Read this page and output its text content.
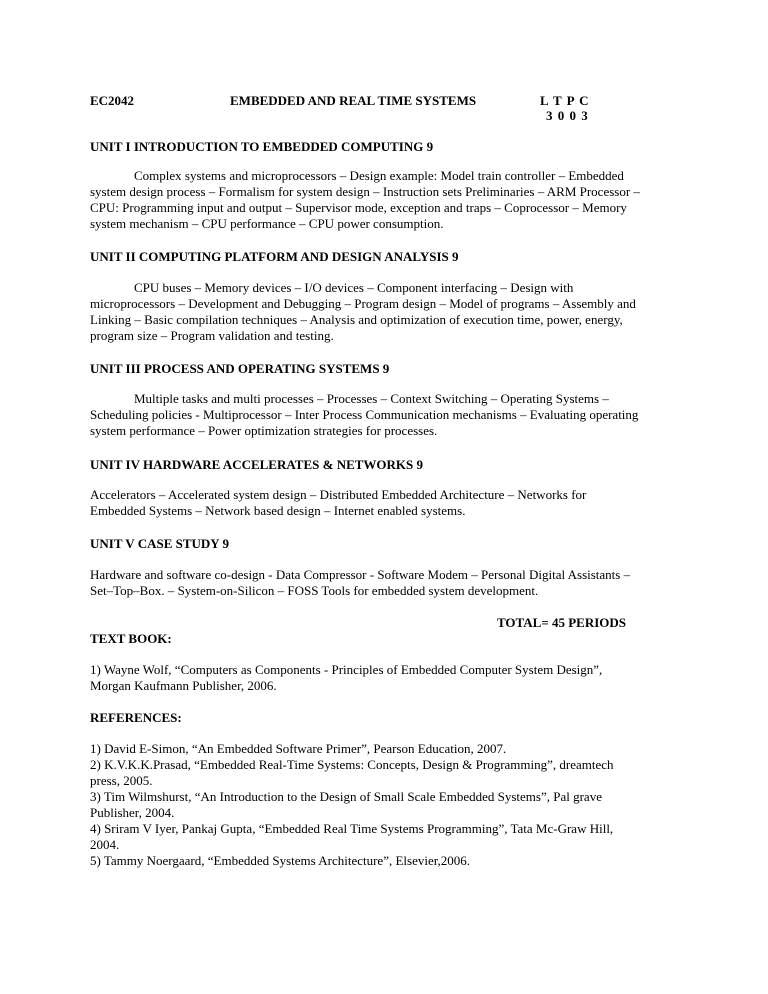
EC2042	EMBEDDED AND REAL TIME SYSTEMS	L T P C
3 0 0 3
UNIT I INTRODUCTION TO EMBEDDED COMPUTING 9
Complex systems and microprocessors – Design example: Model train controller – Embedded
system design process – Formalism for system design – Instruction sets Preliminaries – ARM Processor –
CPU: Programming input and output – Supervisor mode, exception and traps – Coprocessor – Memory
system mechanism – CPU performance – CPU power consumption.
UNIT II COMPUTING PLATFORM AND DESIGN ANALYSIS 9
CPU buses – Memory devices – I/O devices – Component interfacing – Design with
microprocessors – Development and Debugging – Program design – Model of programs – Assembly and
Linking – Basic compilation techniques – Analysis and optimization of execution time, power, energy,
program size – Program validation and testing.
UNIT III PROCESS AND OPERATING SYSTEMS 9
Multiple tasks and multi processes – Processes – Context Switching – Operating Systems –
Scheduling policies - Multiprocessor – Inter Process Communication mechanisms – Evaluating operating
system performance – Power optimization strategies for processes.
UNIT IV HARDWARE ACCELERATES & NETWORKS 9
Accelerators – Accelerated system design – Distributed Embedded Architecture – Networks for
Embedded Systems – Network based design – Internet enabled systems.
UNIT V CASE STUDY 9
Hardware and software co-design - Data Compressor - Software Modem – Personal Digital Assistants –
Set–Top–Box. – System-on-Silicon – FOSS Tools for embedded system development.
TOTAL= 45 PERIODS
TEXT BOOK:
1) Wayne Wolf, “Computers as Components - Principles of Embedded Computer System Design”,
Morgan Kaufmann Publisher, 2006.
REFERENCES:
1) David E-Simon, “An Embedded Software Primer”, Pearson Education, 2007.
2) K.V.K.K.Prasad, “Embedded Real-Time Systems: Concepts, Design & Programming”, dreamtech
press, 2005.
3) Tim Wilmshurst, “An Introduction to the Design of Small Scale Embedded Systems”, Pal grave
Publisher, 2004.
4) Sriram V Iyer, Pankaj Gupta, “Embedded Real Time Systems Programming”, Tata Mc-Graw Hill,
2004.
5) Tammy Noergaard, “Embedded Systems Architecture”, Elsevier,2006.
